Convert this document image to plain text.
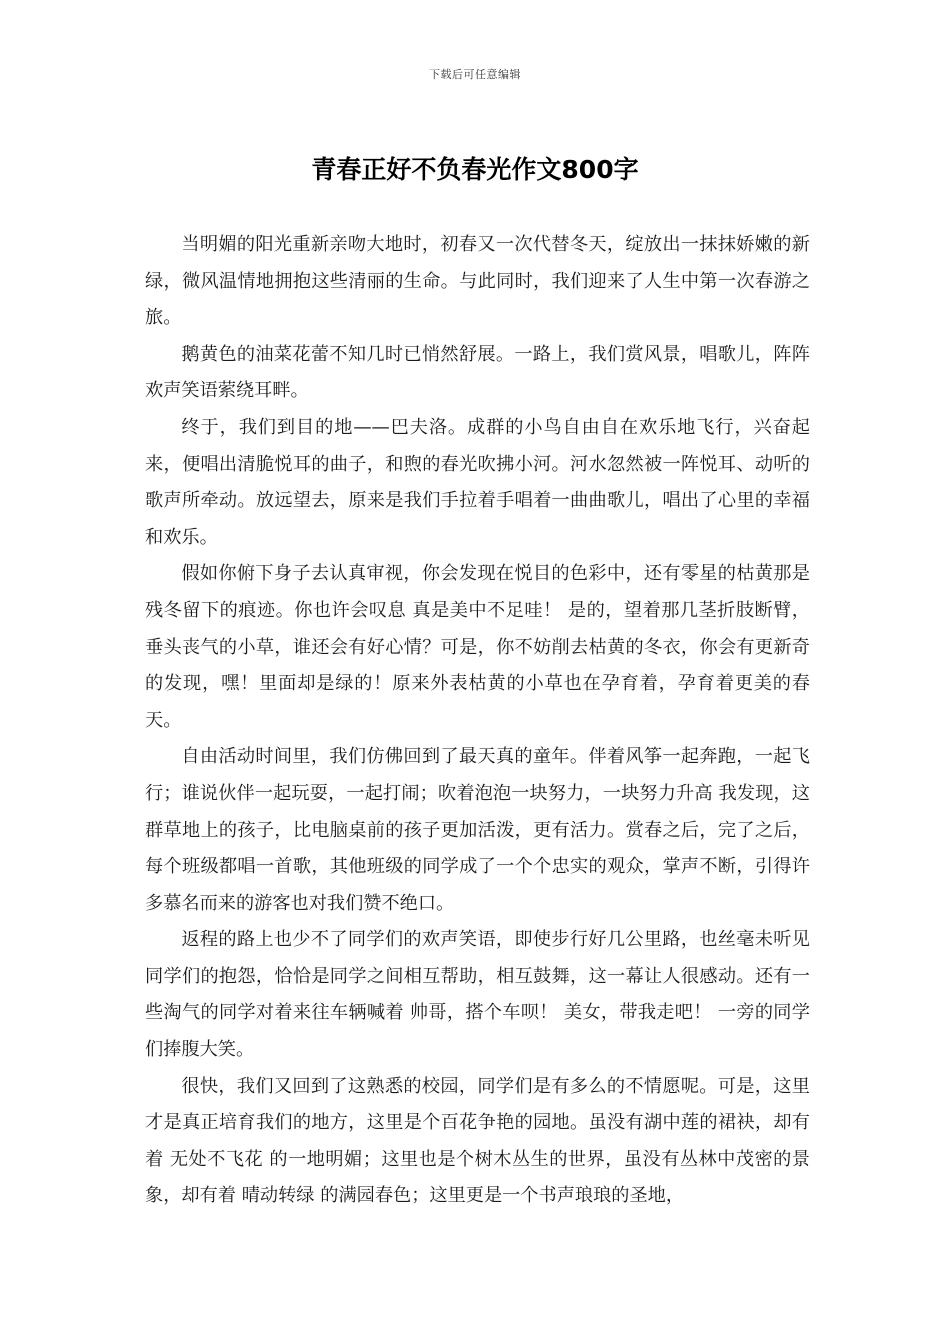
下载后可任意编辑
青春正好不负春光作文800字

当明媚的阳光重新亲吻大地时，初春又一次代替冬天，绽放出一抹抹娇嫩的新绿，微风温情地拥抱这些清丽的生命。与此同时，我们迎来了人生中第一次春游之旅。

鹅黄色的油菜花蕾不知几时已悄然舒展。一路上，我们赏风景，唱歌儿，阵阵欢声笑语萦绕耳畔。

终于，我们到目的地——巴夫洛。成群的小鸟自由自在欢乐地飞行，兴奋起来，便唱出清脆悦耳的曲子，和煦的春光吹拂小河。河水忽然被一阵悦耳、动听的歌声所牵动。放远望去，原来是我们手拉着手唱着一曲曲歌儿，唱出了心里的幸福和欢乐。

假如你俯下身子去认真审视，你会发现在悦目的色彩中，还有零星的枯黄那是残冬留下的痕迹。你也许会叹息 真是美中不足哇！ 是的，望着那几茎折肢断臂，垂头丧气的小草，谁还会有好心情？可是，你不妨削去枯黄的冬衣，你会有更新奇的发现，嘿！里面却是绿的！原来外表枯黄的小草也在孕育着，孕育着更美的春天。

自由活动时间里，我们仿佛回到了最天真的童年。伴着风筝一起奔跑，一起飞行；谁说伙伴一起玩耍，一起打闹；吹着泡泡一块努力，一块努力升高 我发现，这群草地上的孩子，比电脑桌前的孩子更加活泼，更有活力。赏春之后，完了之后，每个班级都唱一首歌，其他班级的同学成了一个个忠实的观众，掌声不断，引得许多慕名而来的游客也对我们赞不绝口。

返程的路上也少不了同学们的欢声笑语，即使步行好几公里路，也丝毫未听见同学们的抱怨，恰恰是同学之间相互帮助，相互鼓舞，这一幕让人很感动。还有一些淘气的同学对着来往车辆喊着 帅哥，搭个车呗！ 美女，带我走吧！ 一旁的同学们捧腹大笑。

很快，我们又回到了这熟悉的校园，同学们是有多么的不情愿呢。可是，这里才是真正培育我们的地方，这里是个百花争艳的园地。虽没有湖中莲的裙袂，却有着 无处不飞花 的一地明媚；这里也是个树木丛生的世界，虽没有丛林中茂密的景象，却有着 晴动转绿 的满园春色；这里更是一个书声琅琅的圣地，
